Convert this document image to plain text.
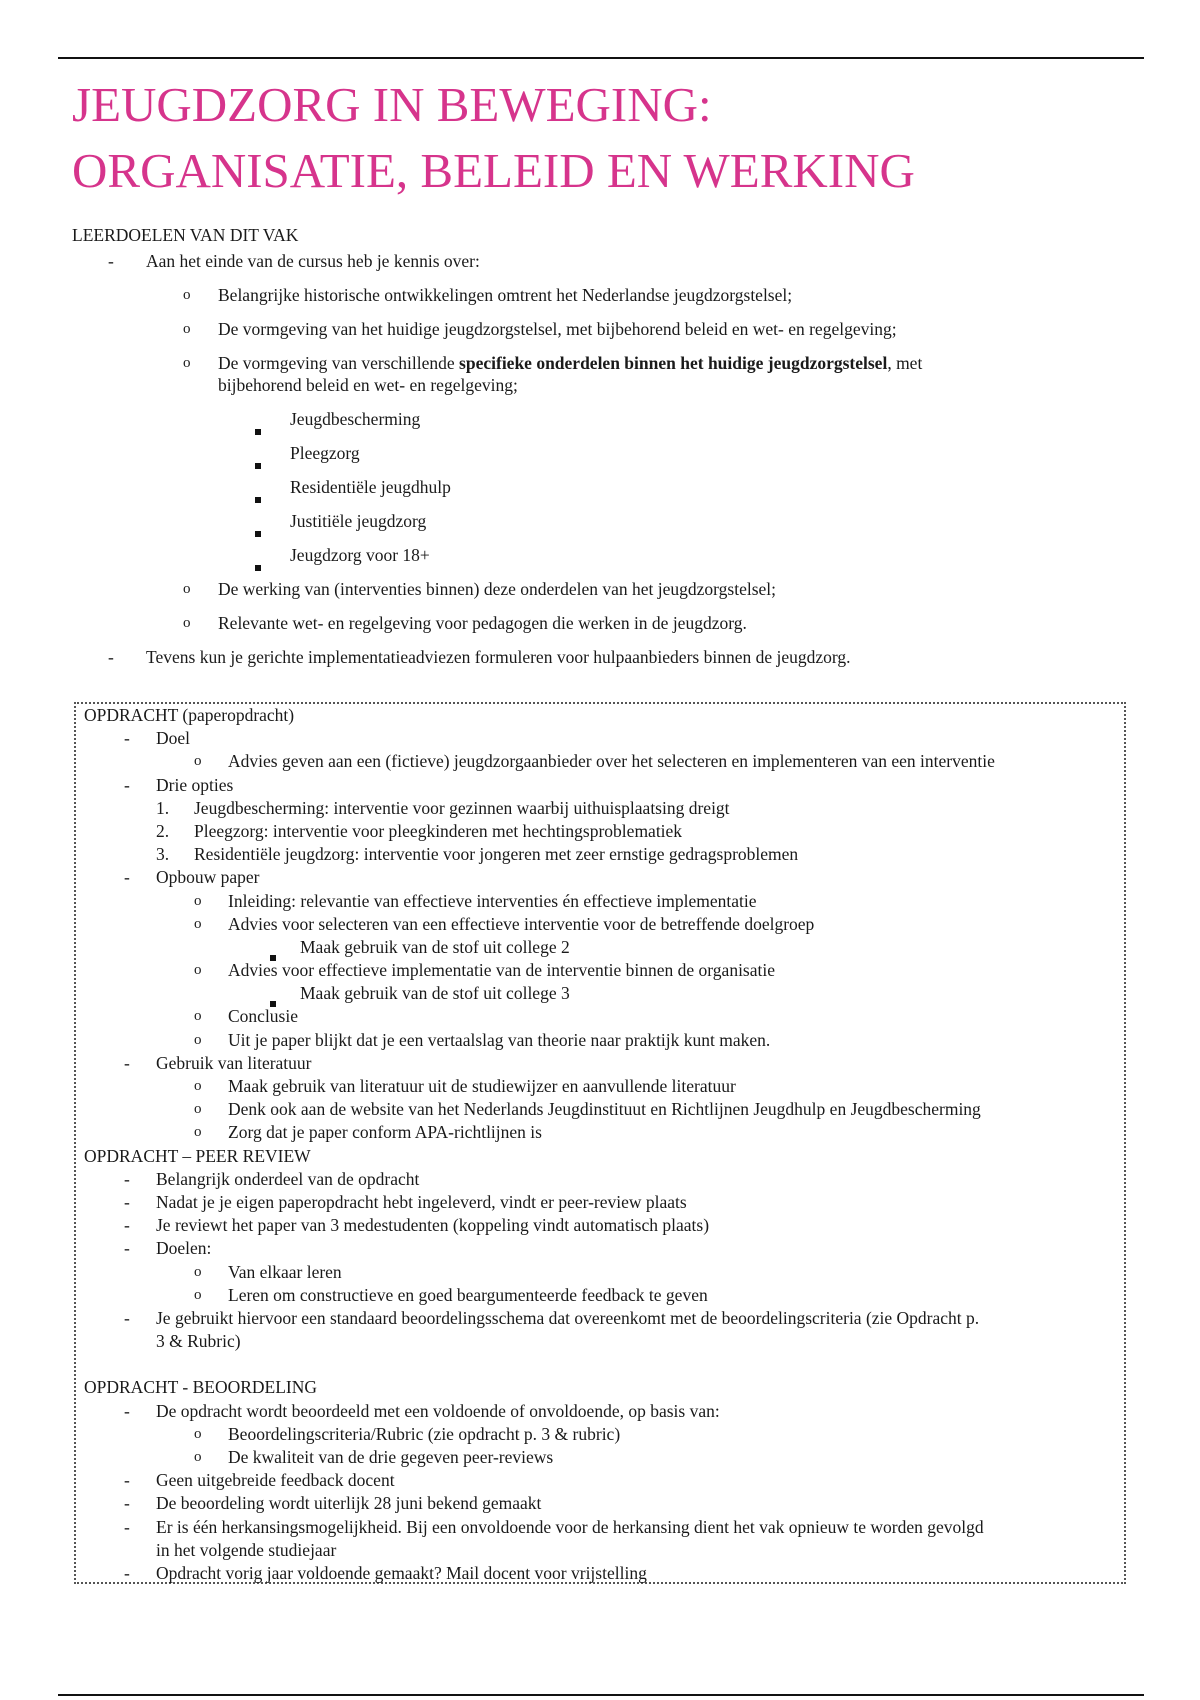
JEUGDZORG IN BEWEGING:
ORGANISATIE, BELEID EN WERKING
LEERDOELEN VAN DIT VAK
- Aan het einde van de cursus heb je kennis over:
o Belangrijke historische ontwikkelingen omtrent het Nederlandse jeugdzorgstelsel;
o De vormgeving van het huidige jeugdzorgstelsel, met bijbehorend beleid en wet- en regelgeving;
o De vormgeving van verschillende specifieke onderdelen binnen het huidige jeugdzorgstelsel, met
bijbehorend beleid en wet- en regelgeving;
Jeugdbescherming
Pleegzorg
Residentiële jeugdhulp
Justitiële jeugdzorg
Jeugdzorg voor 18+
o De werking van (interventies binnen) deze onderdelen van het jeugdzorgstelsel;
o Relevante wet- en regelgeving voor pedagogen die werken in de jeugdzorg.
- Tevens kun je gerichte implementatieadviezen formuleren voor hulpaanbieders binnen de jeugdzorg.
OPDRACHT (paperopdracht)
- Doel
o Advies geven aan een (fictieve) jeugdzorgaanbieder over het selecteren en implementeren van een interventie
- Drie opties
1. Jeugdbescherming: interventie voor gezinnen waarbij uithuisplaatsing dreigt
2. Pleegzorg: interventie voor pleegkinderen met hechtingsproblematiek
3. Residentiële jeugdzorg: interventie voor jongeren met zeer ernstige gedragsproblemen
- Opbouw paper
o Inleiding: relevantie van effectieve interventies én effectieve implementatie
o Advies voor selecteren van een effectieve interventie voor de betreffende doelgroep
Maak gebruik van de stof uit college 2
o Advies voor effectieve implementatie van de interventie binnen de organisatie
Maak gebruik van de stof uit college 3
o Conclusie
o Uit je paper blijkt dat je een vertaalslag van theorie naar praktijk kunt maken.
- Gebruik van literatuur
o Maak gebruik van literatuur uit de studiewijzer en aanvullende literatuur
o Denk ook aan de website van het Nederlands Jeugdinstituut en Richtlijnen Jeugdhulp en Jeugdbescherming
o Zorg dat je paper conform APA-richtlijnen is
OPDRACHT – PEER REVIEW
- Belangrijk onderdeel van de opdracht
- Nadat je je eigen paperopdracht hebt ingeleverd, vindt er peer-review plaats
- Je reviewt het paper van 3 medestudenten (koppeling vindt automatisch plaats)
- Doelen:
o Van elkaar leren
o Leren om constructieve en goed beargumenteerde feedback te geven
- Je gebruikt hiervoor een standaard beoordelingsschema dat overeenkomt met de beoordelingscriteria (zie Opdracht p.
3 & Rubric)
OPDRACHT - BEOORDELING
- De opdracht wordt beoordeeld met een voldoende of onvoldoende, op basis van:
o Beoordelingscriteria/Rubric (zie opdracht p. 3 & rubric)
o De kwaliteit van de drie gegeven peer-reviews
- Geen uitgebreide feedback docent
- De beoordeling wordt uiterlijk 28 juni bekend gemaakt
- Er is één herkansingsmogelijkheid. Bij een onvoldoende voor de herkansing dient het vak opnieuw te worden gevolgd
in het volgende studiejaar
- Opdracht vorig jaar voldoende gemaakt? Mail docent voor vrijstelling
